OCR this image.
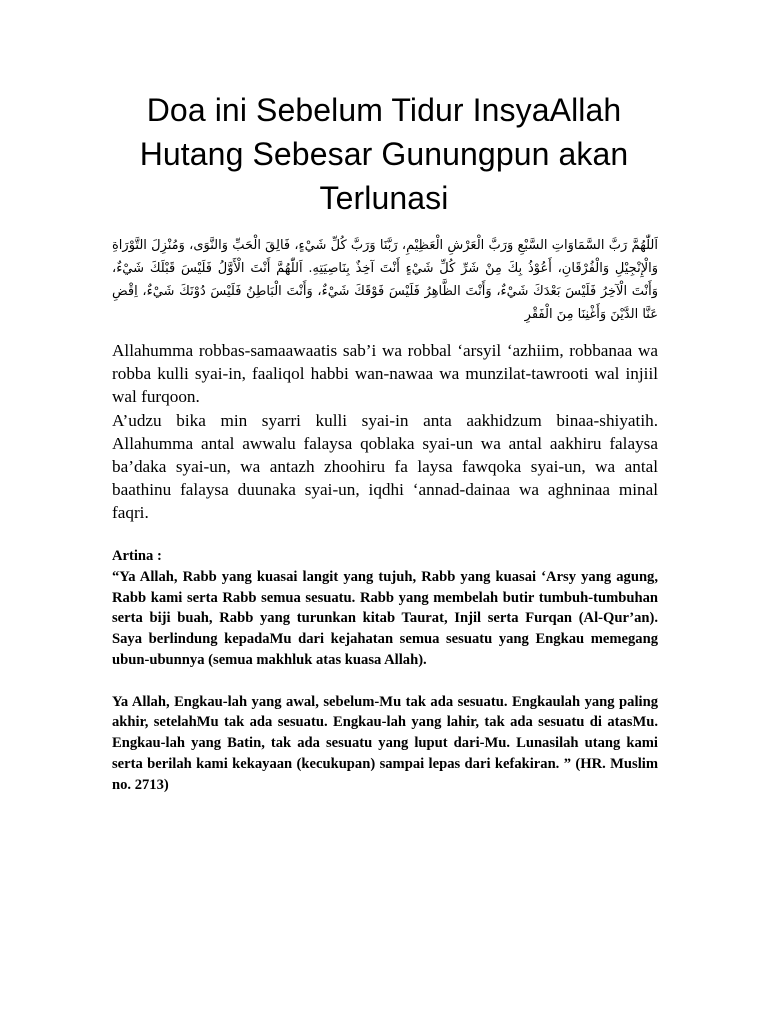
Doa ini Sebelum Tidur InsyaAllah
Hutang Sebesar Gunungpun akan
Terlunasi

اَللّٰهُمَّ رَبَّ السَّمَاوَاتِ السَّبْعِ وَرَبَّ الْعَرْشِ الْعَظِيْمِ، رَبَّنَا وَرَبَّ كُلِّ شَيْءٍ، فَالِقَ الْحَبِّ وَالنَّوَى، وَمُنْزِلَ التَّوْرَاةِ وَالْإِنْجِيْلِ وَالْفُرْقَانِ، أَعُوْذُ بِكَ مِنْ شَرِّ كُلِّ شَيْءٍ أَنْتَ آخِذٌ بِنَاصِيَتِهِ. اَللّٰهُمَّ أَنْتَ الْأَوَّلُ فَلَيْسَ قَبْلَكَ شَيْءٌ، وَأَنْتَ الْآخِرُ فَلَيْسَ بَعْدَكَ شَيْءٌ، وَأَنْتَ الظَّاهِرُ فَلَيْسَ فَوْقَكَ شَيْءٌ، وَأَنْتَ الْبَاطِنُ فَلَيْسَ دُوْنَكَ شَيْءٌ، اِقْضِ عَنَّا الدَّيْنَ وَأَغْنِنَا مِنَ الْفَقْرِ

Allahumma robbas-samaawaatis sab’i wa robbal ‘arsyil ‘azhiim, robbanaa wa robba kulli syai-in, faaliqol habbi wan-nawaa wa munzilat-tawrooti wal injiil wal furqoon.

A’udzu bika min syarri kulli syai-in anta aakhidzum binaa-shiyatih. Allahumma antal awwalu falaysa qoblaka syai-un wa antal aakhiru falaysa ba’daka syai-un, wa antazh zhoohiru fa laysa fawqoka syai-un, wa antal baathinu falaysa duunaka syai-un, iqdhi ‘annad-dainaa wa aghninaa minal faqri.

Artina :

“Ya Allah, Rabb yang kuasai langit yang tujuh, Rabb yang kuasai ‘Arsy yang agung, Rabb kami serta Rabb semua sesuatu. Rabb yang membelah butir tumbuh-tumbuhan serta biji buah, Rabb yang turunkan kitab Taurat, Injil serta Furqan (Al-Qur’an). Saya berlindung kepadaMu dari kejahatan semua sesuatu yang Engkau memegang ubun-ubunnya (semua makhluk atas kuasa Allah).

Ya Allah, Engkau-lah yang awal, sebelum-Mu tak ada sesuatu. Engkaulah yang paling akhir, setelahMu tak ada sesuatu. Engkau-lah yang lahir, tak ada sesuatu di atasMu. Engkau-lah yang Batin, tak ada sesuatu yang luput dari-Mu. Lunasilah utang kami serta berilah kami kekayaan (kecukupan) sampai lepas dari kefakiran. ” (HR. Muslim no. 2713)
